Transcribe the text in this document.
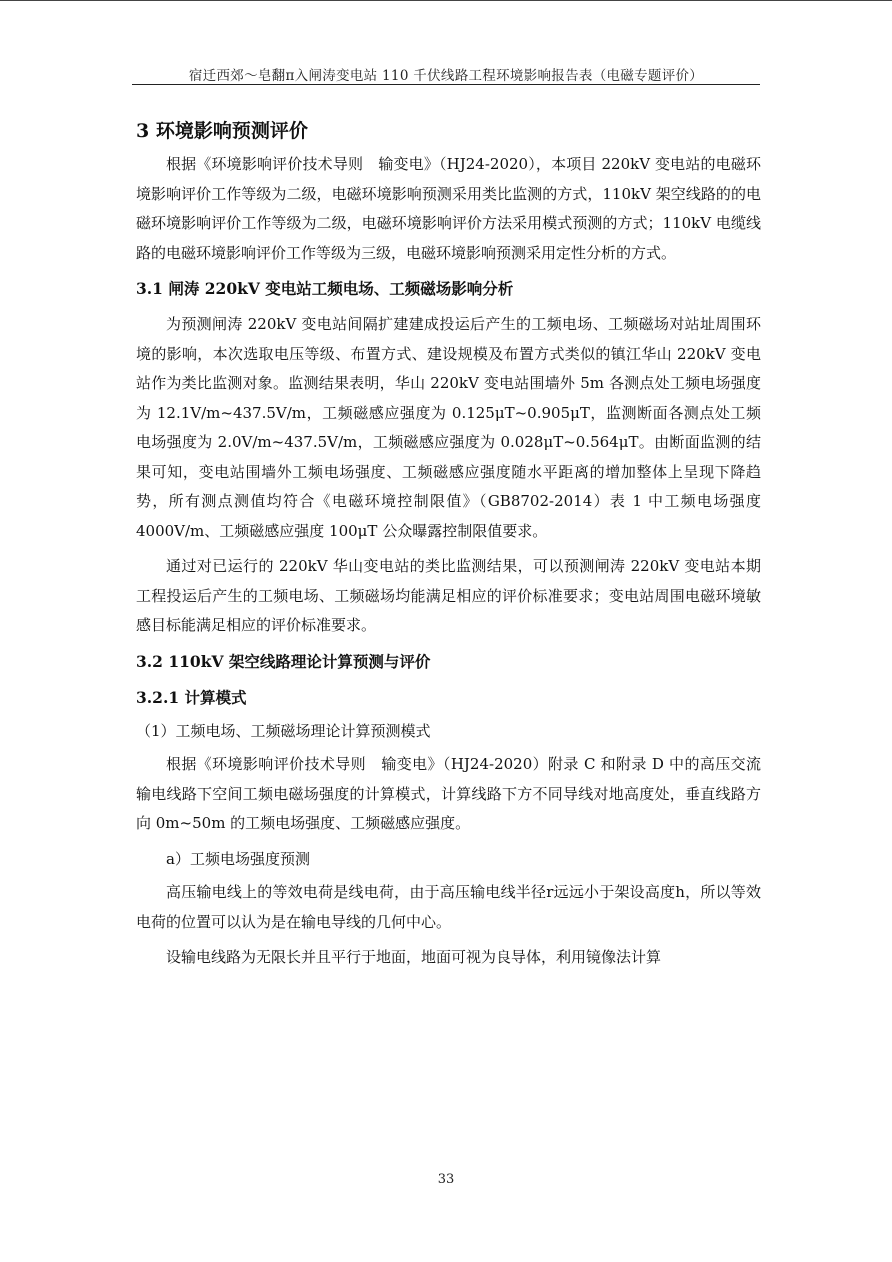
宿迁西郊～皂翻π入闸涛变电站 110 千伏线路工程环境影响报告表（电磁专题评价）
3 环境影响预测评价
根据《环境影响评价技术导则　输变电》（HJ24-2020），本项目 220kV 变电站的电磁环境影响评价工作等级为二级，电磁环境影响预测采用类比监测的方式，110kV 架空线路的的电磁环境影响评价工作等级为二级，电磁环境影响评价方法采用模式预测的方式；110kV 电缆线路的电磁环境影响评价工作等级为三级，电磁环境影响预测采用定性分析的方式。
3.1 闸涛 220kV 变电站工频电场、工频磁场影响分析
为预测闸涛 220kV 变电站间隔扩建建成投运后产生的工频电场、工频磁场对站址周围环境的影响，本次选取电压等级、布置方式、建设规模及布置方式类似的镇江华山 220kV 变电站作为类比监测对象。监测结果表明，华山 220kV 变电站围墙外 5m 各测点处工频电场强度为 12.1V/m~437.5V/m，工频磁感应强度为 0.125μT~0.905μT，监测断面各测点处工频电场强度为 2.0V/m~437.5V/m，工频磁感应强度为 0.028μT~0.564μT。由断面监测的结果可知，变电站围墙外工频电场强度、工频磁感应强度随水平距离的增加整体上呈现下降趋势，所有测点测值均符合《电磁环境控制限值》（GB8702-2014）表 1 中工频电场强度 4000V/m、工频磁感应强度 100μT 公众曝露控制限值要求。
通过对已运行的 220kV 华山变电站的类比监测结果，可以预测闸涛 220kV 变电站本期工程投运后产生的工频电场、工频磁场均能满足相应的评价标准要求；变电站周围电磁环境敏感目标能满足相应的评价标准要求。
3.2 110kV 架空线路理论计算预测与评价
3.2.1 计算模式
（1）工频电场、工频磁场理论计算预测模式
根据《环境影响评价技术导则　输变电》（HJ24-2020）附录 C 和附录 D 中的高压交流输电线路下空间工频电磁场强度的计算模式，计算线路下方不同导线对地高度处，垂直线路方向 0m~50m 的工频电场强度、工频磁感应强度。
a）工频电场强度预测
高压输电线上的等效电荷是线电荷，由于高压输电线半径r远远小于架设高度h，所以等效电荷的位置可以认为是在输电导线的几何中心。
设输电线路为无限长并且平行于地面，地面可视为良导体，利用镜像法计算
33
